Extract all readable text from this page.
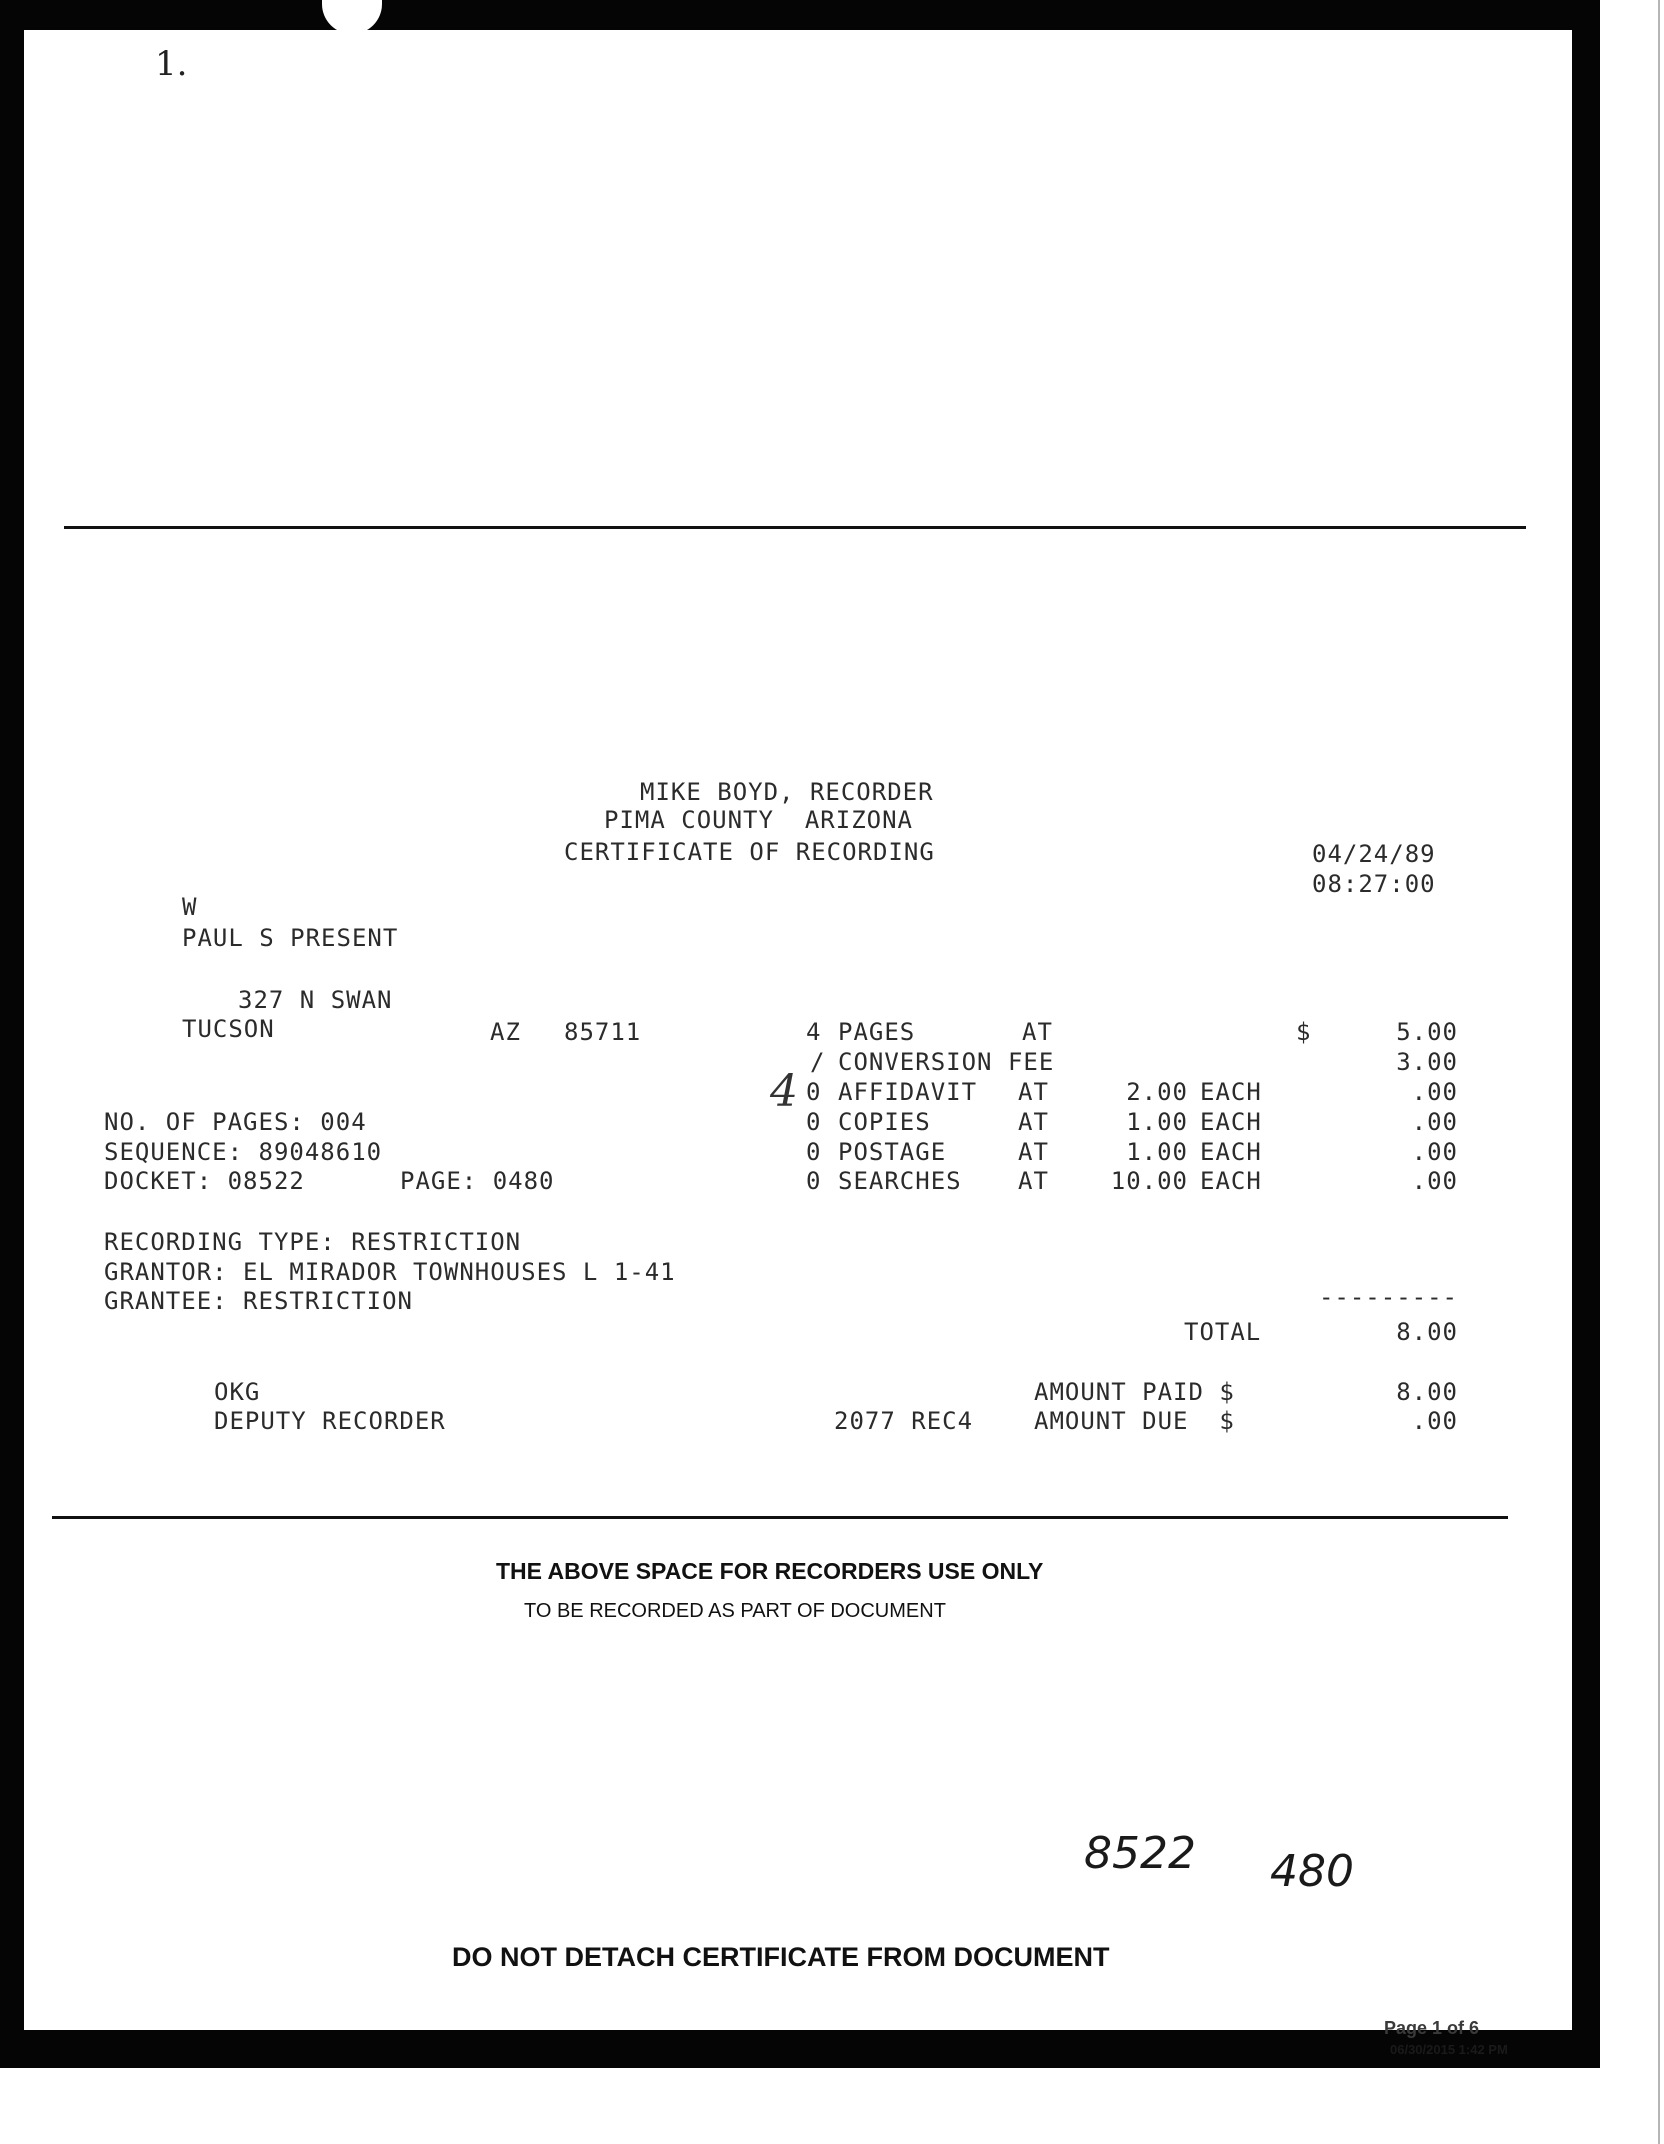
1.
MIKE BOYD, RECORDER
PIMA COUNTY  ARIZONA
CERTIFICATE OF RECORDING	04/24/89
08:27:00
W
PAUL S PRESENT
327 N SWAN
TUCSON	AZ 85711	4 PAGES	AT	$	5.00
/ CONVERSION FEE	3.00
4 0 AFFIDAVIT AT	2.00 EACH	.00
NO. OF PAGES: 004	0 COPIES	AT	1.00 EACH	.00
SEQUENCE: 89048610	0 POSTAGE	AT	1.00 EACH	.00
DOCKET: 08522	PAGE: 0480	0 SEARCHES AT	10.00 EACH	.00
RECORDING TYPE: RESTRICTION
GRANTOR: EL MIRADOR TOWNHOUSES L 1-41
GRANTEE: RESTRICTION	---------
TOTAL	8.00
OKG	AMOUNT PAID $	8.00
DEPUTY RECORDER	2077 REC4	AMOUNT DUE  $	.00
THE ABOVE SPACE FOR RECORDERS USE ONLY
TO BE RECORDED AS PART OF DOCUMENT
8522 480
DO NOT DETACH CERTIFICATE FROM DOCUMENT
Page 1 of 6
06/30/2015 1:42 PM
